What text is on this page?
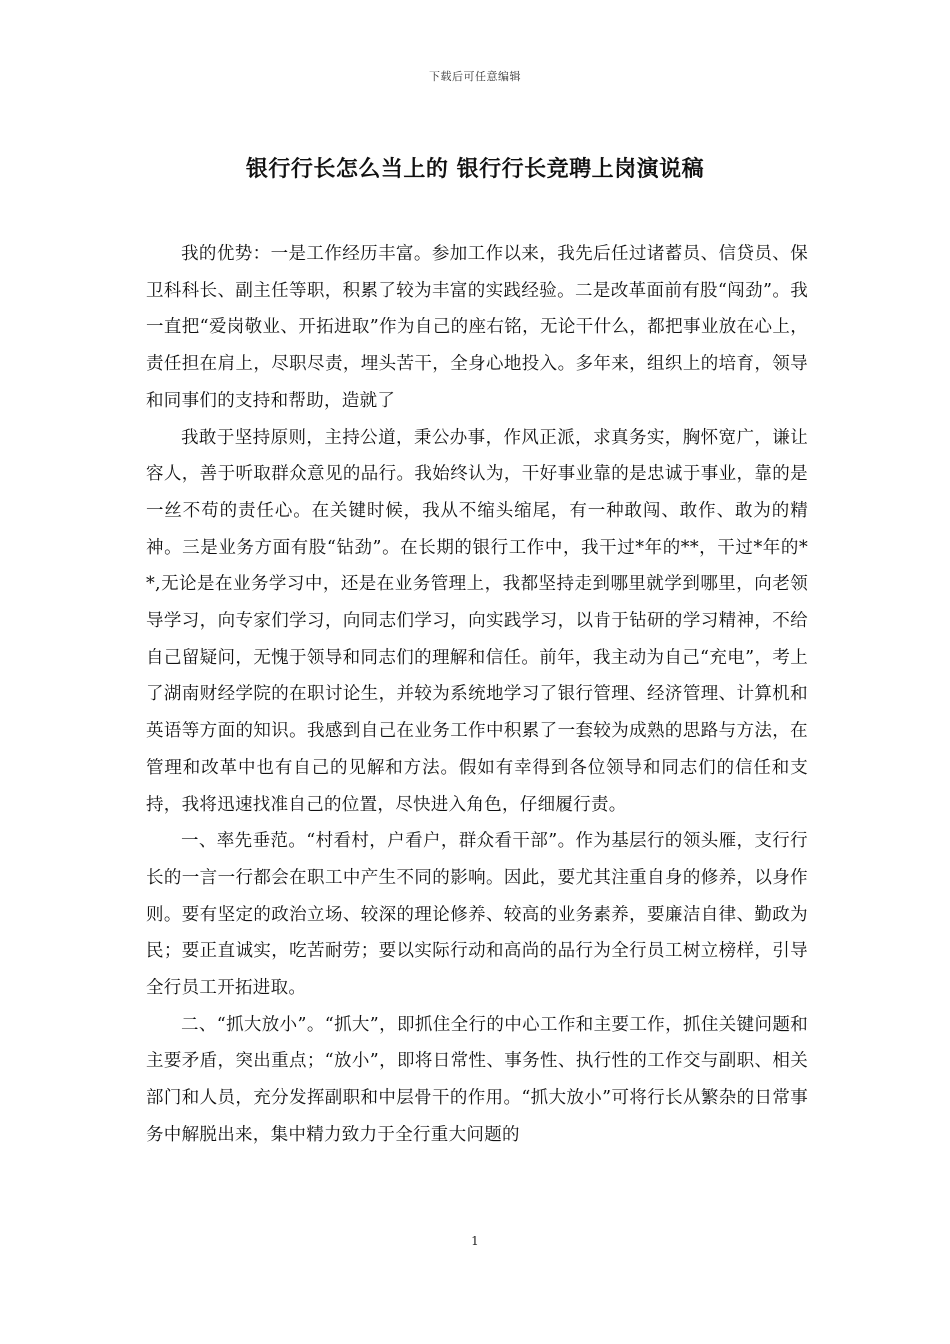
下载后可任意编辑
银行行长怎么当上的 银行行长竞聘上岗演说稿

我的优势：一是工作经历丰富。参加工作以来，我先后任过诸蓄员、信贷员、保卫科科长、副主任等职，积累了较为丰富的实践经验。二是改革面前有股“闯劲”。我一直把“爱岗敬业、开拓进取”作为自己的座右铭，无论干什么，都把事业放在心上，责任担在肩上，尽职尽责，埋头苦干，全身心地投入。多年来，组织上的培育，领导和同事们的支持和帮助，造就了

我敢于坚持原则，主持公道，秉公办事，作风正派，求真务实，胸怀宽广，谦让容人，善于听取群众意见的品行。我始终认为，干好事业靠的是忠诚于事业，靠的是一丝不苟的责任心。在关键时候，我从不缩头缩尾，有一种敢闯、敢作、敢为的精神。三是业务方面有股“钻劲”。在长期的银行工作中，我干过*年的**，干过*年的**,无论是在业务学习中，还是在业务管理上，我都坚持走到哪里就学到哪里，向老领导学习，向专家们学习，向同志们学习，向实践学习，以肯于钻研的学习精神，不给自己留疑问，无愧于领导和同志们的理解和信任。前年，我主动为自己“充电”，考上了湖南财经学院的在职讨论生，并较为系统地学习了银行管理、经济管理、计算机和英语等方面的知识。我感到自己在业务工作中积累了一套较为成熟的思路与方法，在管理和改革中也有自己的见解和方法。假如有幸得到各位领导和同志们的信任和支持，我将迅速找准自己的位置，尽快进入角色，仔细履行责。

一、率先垂范。“村看村，户看户，群众看干部”。作为基层行的领头雁，支行行长的一言一行都会在职工中产生不同的影响。因此，要尤其注重自身的修养，以身作则。要有坚定的政治立场、较深的理论修养、较高的业务素养，要廉洁自律、勤政为民；要正直诚实，吃苦耐劳；要以实际行动和高尚的品行为全行员工树立榜样，引导全行员工开拓进取。

二、“抓大放小”。“抓大”，即抓住全行的中心工作和主要工作，抓住关键问题和主要矛盾，突出重点；“放小”，即将日常性、事务性、执行性的工作交与副职、相关部门和人员，充分发挥副职和中层骨干的作用。“抓大放小”可将行长从繁杂的日常事务中解脱出来，集中精力致力于全行重大问题的

1
